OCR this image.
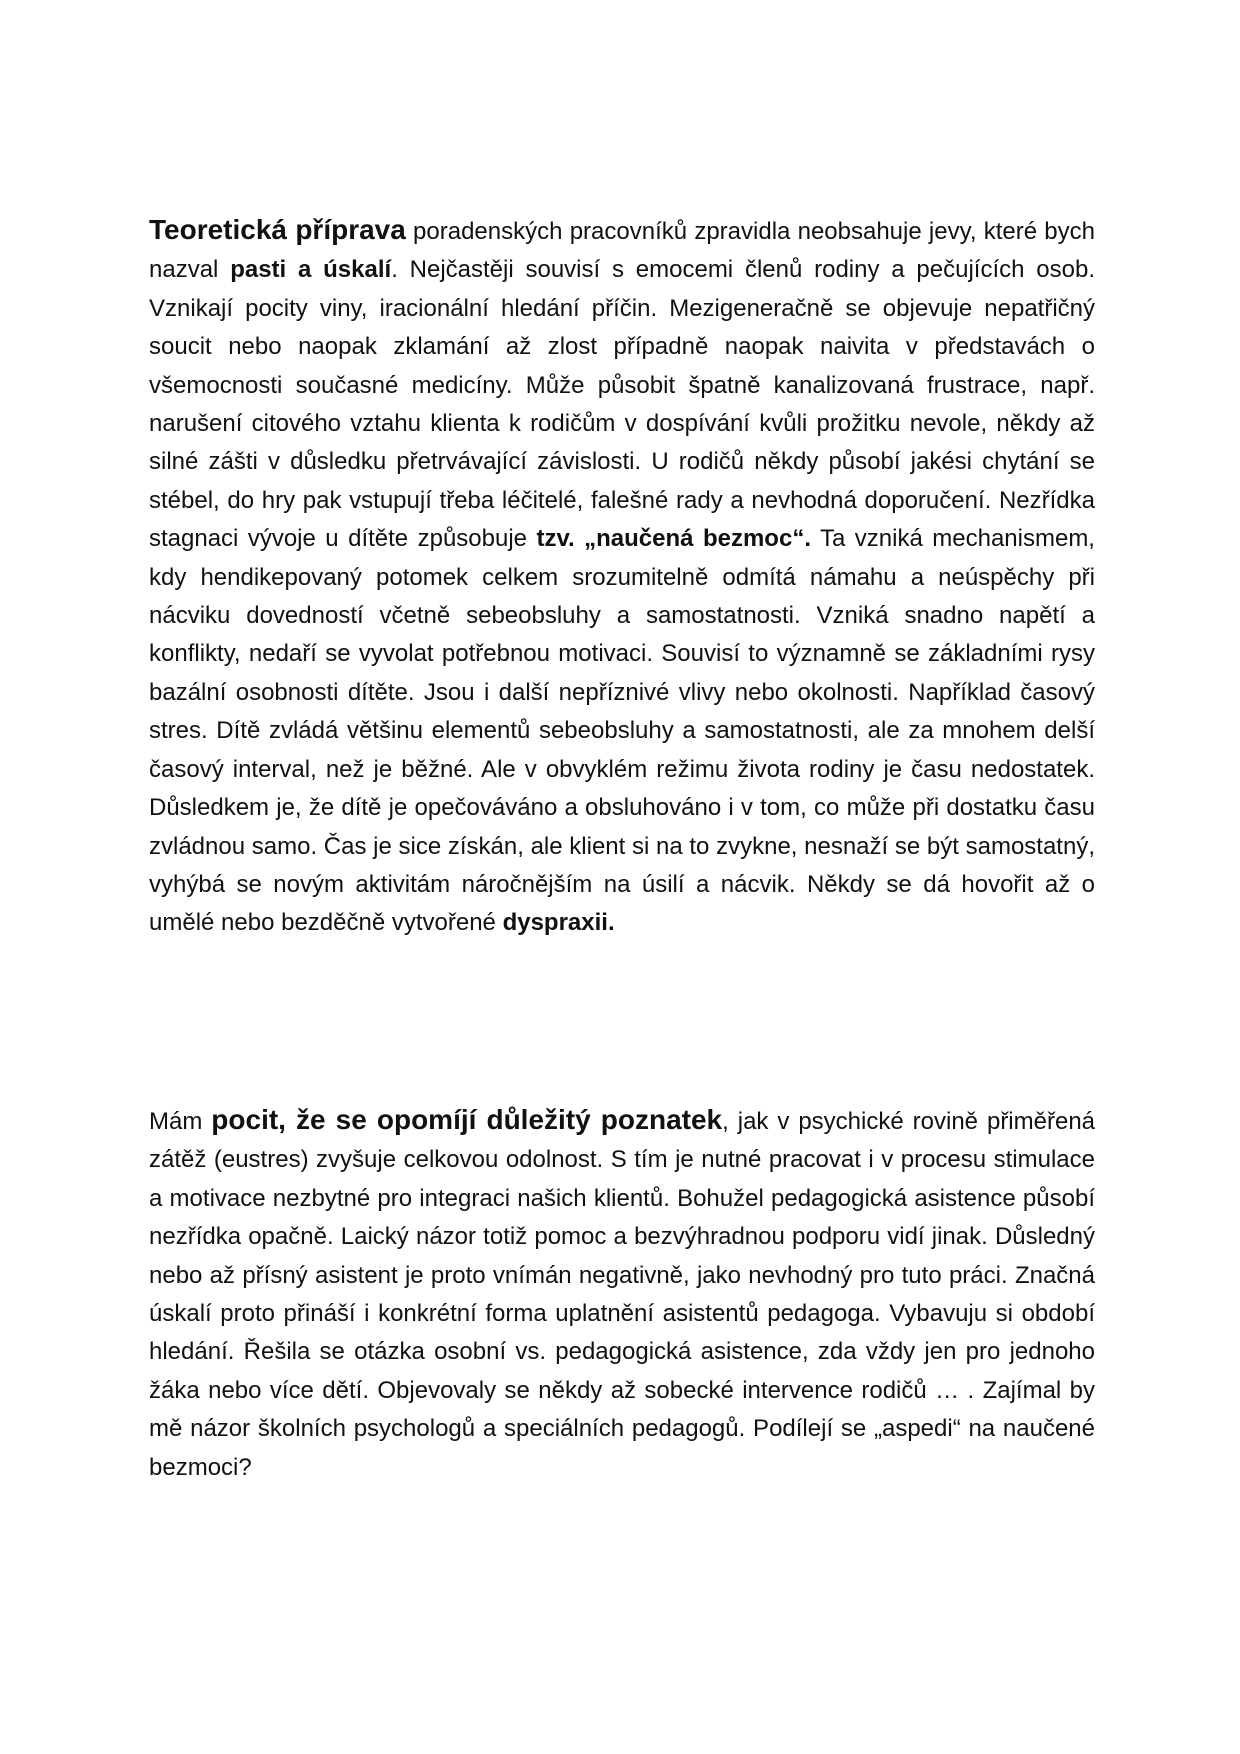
Teoretická příprava poradenských pracovníků zpravidla neobsahuje jevy, které bych nazval pasti a úskalí. Nejčastěji souvisí s emocemi členů rodiny a pečujících osob. Vznikají pocity viny, iracionální hledání příčin. Mezigeneračně se objevuje nepatřičný soucit nebo naopak zklamání až zlost případně naopak naivita v představách o všemocnosti současné medicíny. Může působit špatně kanalizovaná frustrace, např. narušení citového vztahu klienta k rodičům v dospívání kvůli prožitku nevole, někdy až silné zášti v důsledku přetrvávající závislosti. U rodičů někdy působí jakési chytání se stébel, do hry pak vstupují třeba léčitelé, falešné rady a nevhodná doporučení. Nezřídka stagnaci vývoje u dítěte způsobuje tzv. „naučená bezmoc“. Ta vzniká mechanismem, kdy hendikepovaný potomek celkem srozumitelně odmítá námahu a neúspěchy při nácviku dovedností včetně sebeobsluhy a samostatnosti. Vzniká snadno napětí a konflikty, nedaří se vyvolat potřebnou motivaci. Souvisí to významně se základními rysy bazální osobnosti dítěte. Jsou i další nepříznivé vlivy nebo okolnosti. Například časový stres. Dítě zvládá většinu elementů sebeobsluhy a samostatnosti, ale za mnohem delší časový interval, než je běžné. Ale v obvyklém režimu života rodiny je času nedostatek. Důsledkem je, že dítě je opečováváno a obsluhováno i v tom, co může při dostatku času zvládnou samo. Čas je sice získán, ale klient si na to zvykne, nesnaží se být samostatný, vyhýbá se novým aktivitám náročnějším na úsilí a nácvik. Někdy se dá hovořit až o umělé nebo bezděčně vytvořené dyspraxii.

Mám pocit, že se opomíjí důležitý poznatek, jak v psychické rovině přiměřená zátěž (eustres) zvyšuje celkovou odolnost. S tím je nutné pracovat i v procesu stimulace a motivace nezbytné pro integraci našich klientů. Bohužel pedagogická asistence působí nezřídka opačně. Laický názor totiž pomoc a bezvýhradnou podporu vidí jinak. Důsledný nebo až přísný asistent je proto vnímán negativně, jako nevhodný pro tuto práci. Značná úskalí proto přináší i konkrétní forma uplatnění asistentů pedagoga. Vybavuju si období hledání. Řešila se otázka osobní vs. pedagogická asistence, zda vždy jen pro jednoho žáka nebo více dětí. Objevovaly se někdy až sobecké intervence rodičů … . Zajímal by mě názor školních psychologů a speciálních pedagogů. Podílejí se „aspedi“ na naučené bezmoci?
